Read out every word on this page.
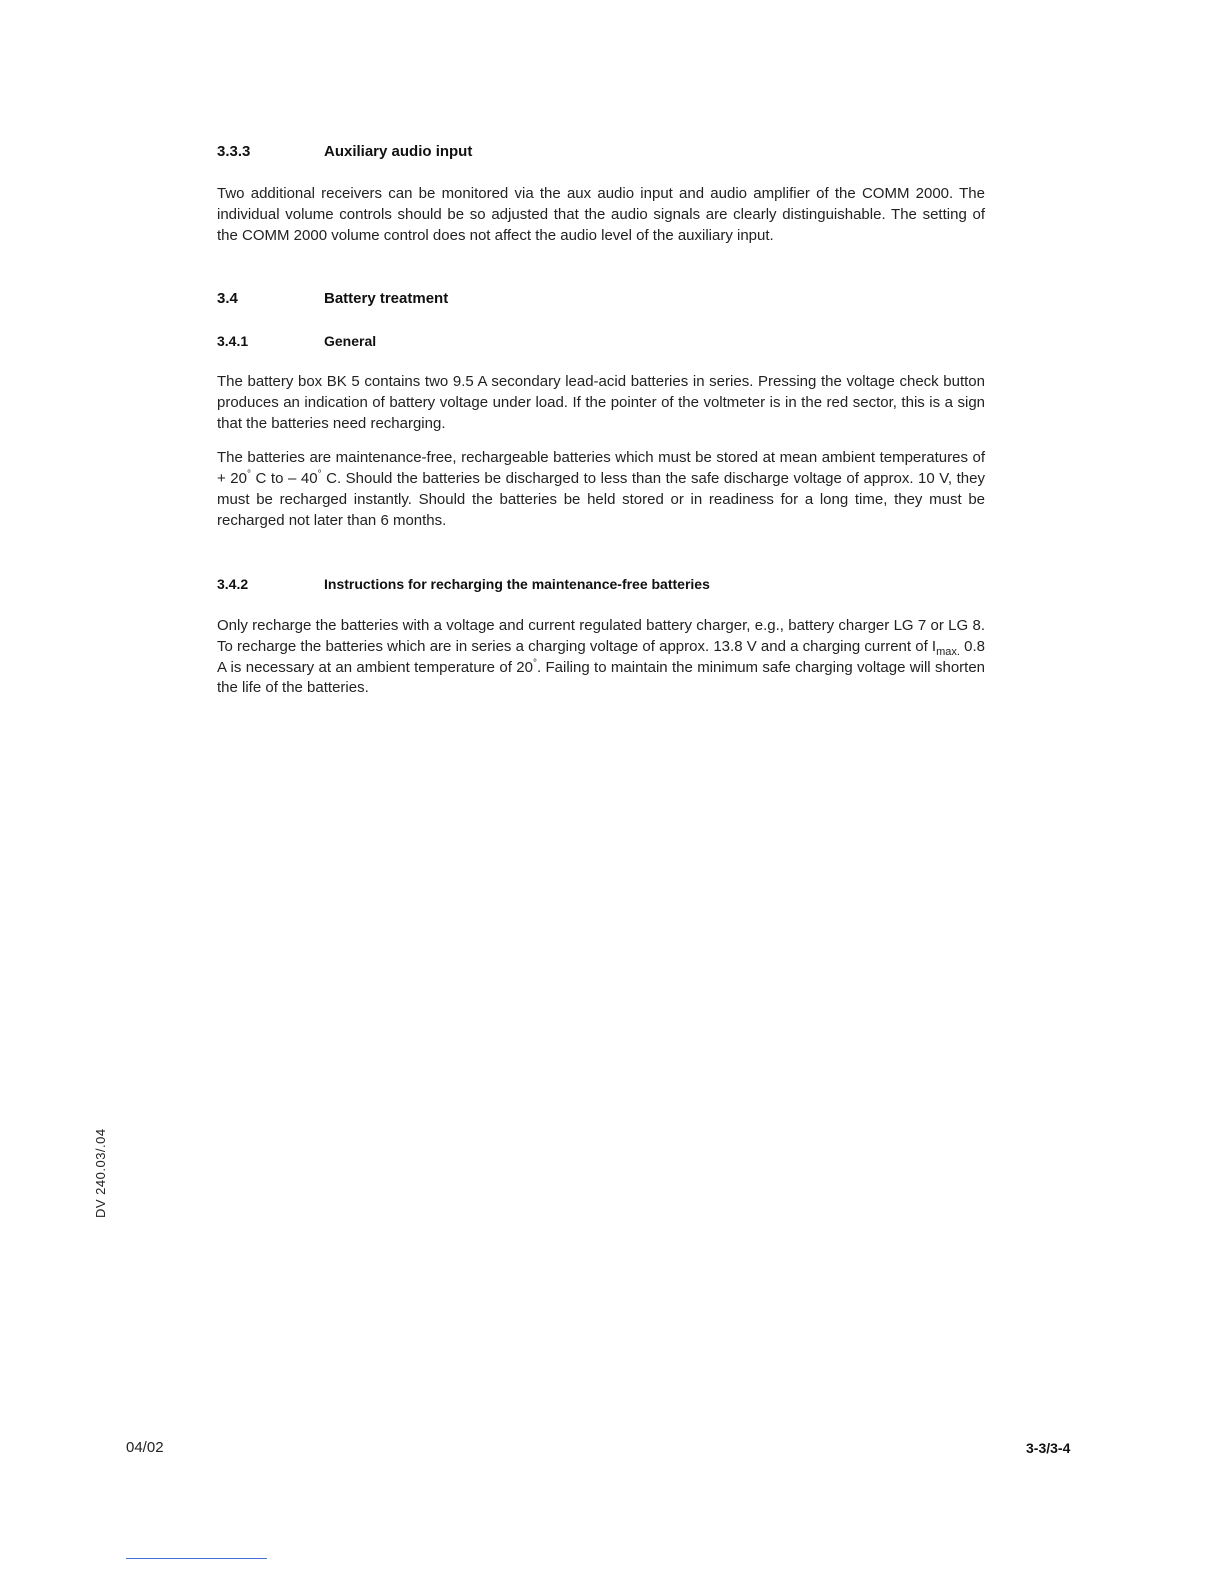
3.3.3	Auxiliary audio input

Two additional receivers can be monitored via the aux audio input and audio amplifier of the COMM 2000. The individual volume controls should be so adjusted that the audio signals are clearly distinguishable. The setting of the COMM 2000 volume control does not affect the audio level of the auxiliary input.

3.4	Battery treatment
3.4.1	General

The battery box BK 5 contains two 9.5 A secondary lead-acid batteries in series. Pressing the voltage check button produces an indication of battery voltage under load. If the pointer of the voltmeter is in the red sector, this is a sign that the batteries need recharging.

The batteries are maintenance-free, rechargeable batteries which must be stored at mean ambient temperatures of + 20° C to – 40° C. Should the batteries be discharged to less than the safe discharge voltage of approx. 10 V, they must be recharged instantly. Should the batteries be held stored or in readiness for a long time, they must be recharged not later than 6 months.

3.4.2	Instructions for recharging the maintenance-free batteries

Only recharge the batteries with a voltage and current regulated battery charger, e.g., battery charger LG 7 or LG 8. To recharge the batteries which are in series a charging voltage of approx. 13.8 V and a charging current of $I_{max.}$ 0.8 A is necessary at an ambient temperature of 20°. Failing to maintain the minimum safe charging voltage will shorten the life of the batteries.

DV 240.03/.04
04/02	3-3/3-4
